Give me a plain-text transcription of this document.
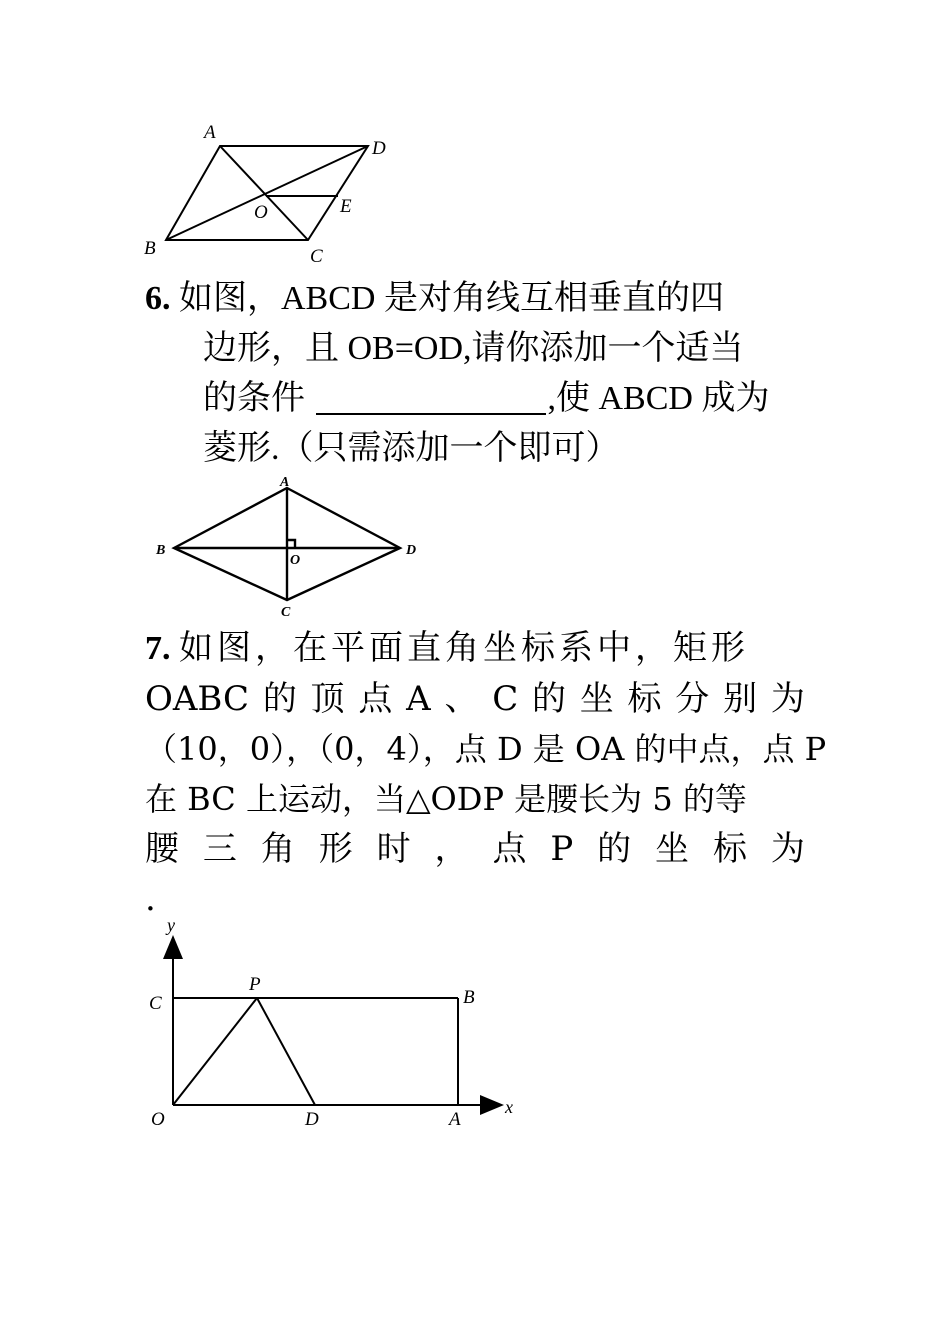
A
D
O	E
B	C
6. 如图，ABCD 是对角线互相垂直的四
边形，且 OB=OD,请你添加一个适当
的条件	,使 ABCD 成为
菱形.（只需添加一个即可）
A
B	D
O
C
7. 如图，在平面直角坐标系中，矩形
OABC 的 顶 点 A 、 C 的 坐 标 分 别 为
（10，0），（0，4），点 D 是 OA 的中点，点 P
在 BC 上运动，当△ODP 是腰长为 5 的等
腰 三 角 形 时 ， 点 P 的 坐 标 为
.
y
x
C
P
B
O	D	A
